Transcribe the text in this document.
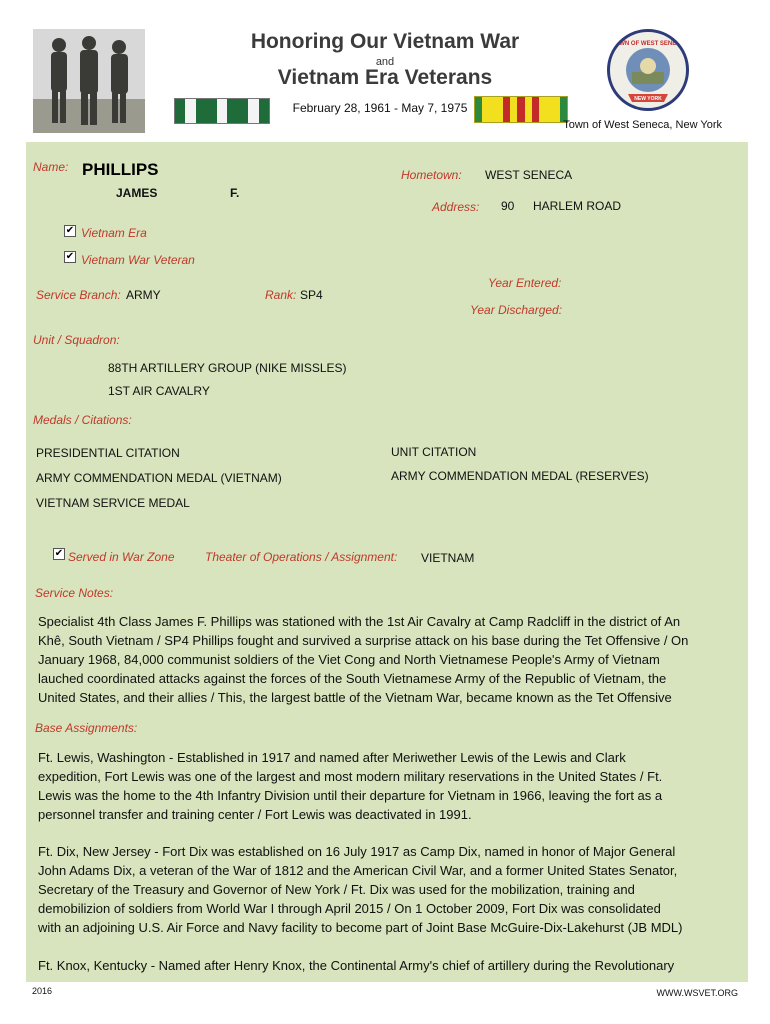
Honoring Our Vietnam War
and
Vietnam Era Veterans
February 28, 1961 - May 7, 1975
TOWN OF WEST SENECA
NEW YORK
Town of West Seneca, New York
Name: PHILLIPS
JAMES	F.
Hometown: WEST SENECA
Address: 90 HARLEM ROAD
✔ Vietnam Era
✔ Vietnam War Veteran
Year Entered:
Year Discharged:
Service Branch: ARMY	Rank: SP4
Unit / Squadron:
88TH ARTILLERY GROUP (NIKE MISSLES)
1ST AIR CAVALRY
Medals / Citations:
PRESIDENTIAL CITATION
ARMY COMMENDATION MEDAL (VIETNAM)
VIETNAM SERVICE MEDAL
UNIT CITATION
ARMY COMMENDATION MEDAL (RESERVES)
✔ Served in War Zone	Theater of Operations / Assignment: VIETNAM
Service Notes:
Specialist 4th Class James F. Phillips was stationed with the 1st Air Cavalry at Camp Radcliff in the district of An
Khê, South Vietnam / SP4 Phillips fought and survived a surprise attack on his base during the Tet Offensive / On
January 1968, 84,000 communist soldiers of the Viet Cong and North Vietnamese People's Army of Vietnam
lauched coordinated attacks against the forces of the South Vietnamese Army of the Republic of Vietnam, the
United States, and their allies / This, the largest battle of the Vietnam War, became known as the Tet Offensive
Base Assignments:
Ft. Lewis, Washington - Established in 1917 and named after Meriwether Lewis of the Lewis and Clark
expedition, Fort Lewis was one of the largest and most modern military reservations in the United States / Ft.
Lewis was the home to the 4th Infantry Division until their departure for Vietnam in 1966, leaving the fort as a
personnel transfer and training center / Fort Lewis was deactivated in 1991.
Ft. Dix, New Jersey - Fort Dix was established on 16 July 1917 as Camp Dix, named in honor of Major General
John Adams Dix, a veteran of the War of 1812 and the American Civil War, and a former United States Senator,
Secretary of the Treasury and Governor of New York / Ft. Dix was used for the mobilization, training and
demobilizion of soldiers from World War I through April 2015 / On 1 October 2009, Fort Dix was consolidated
with an adjoining U.S. Air Force and Navy facility to become part of Joint Base McGuire-Dix-Lakehurst (JB MDL)
Ft. Knox, Kentucky - Named after Henry Knox, the Continental Army's chief of artillery during the Revolutionary
2016	WWW.WSVET.ORG
